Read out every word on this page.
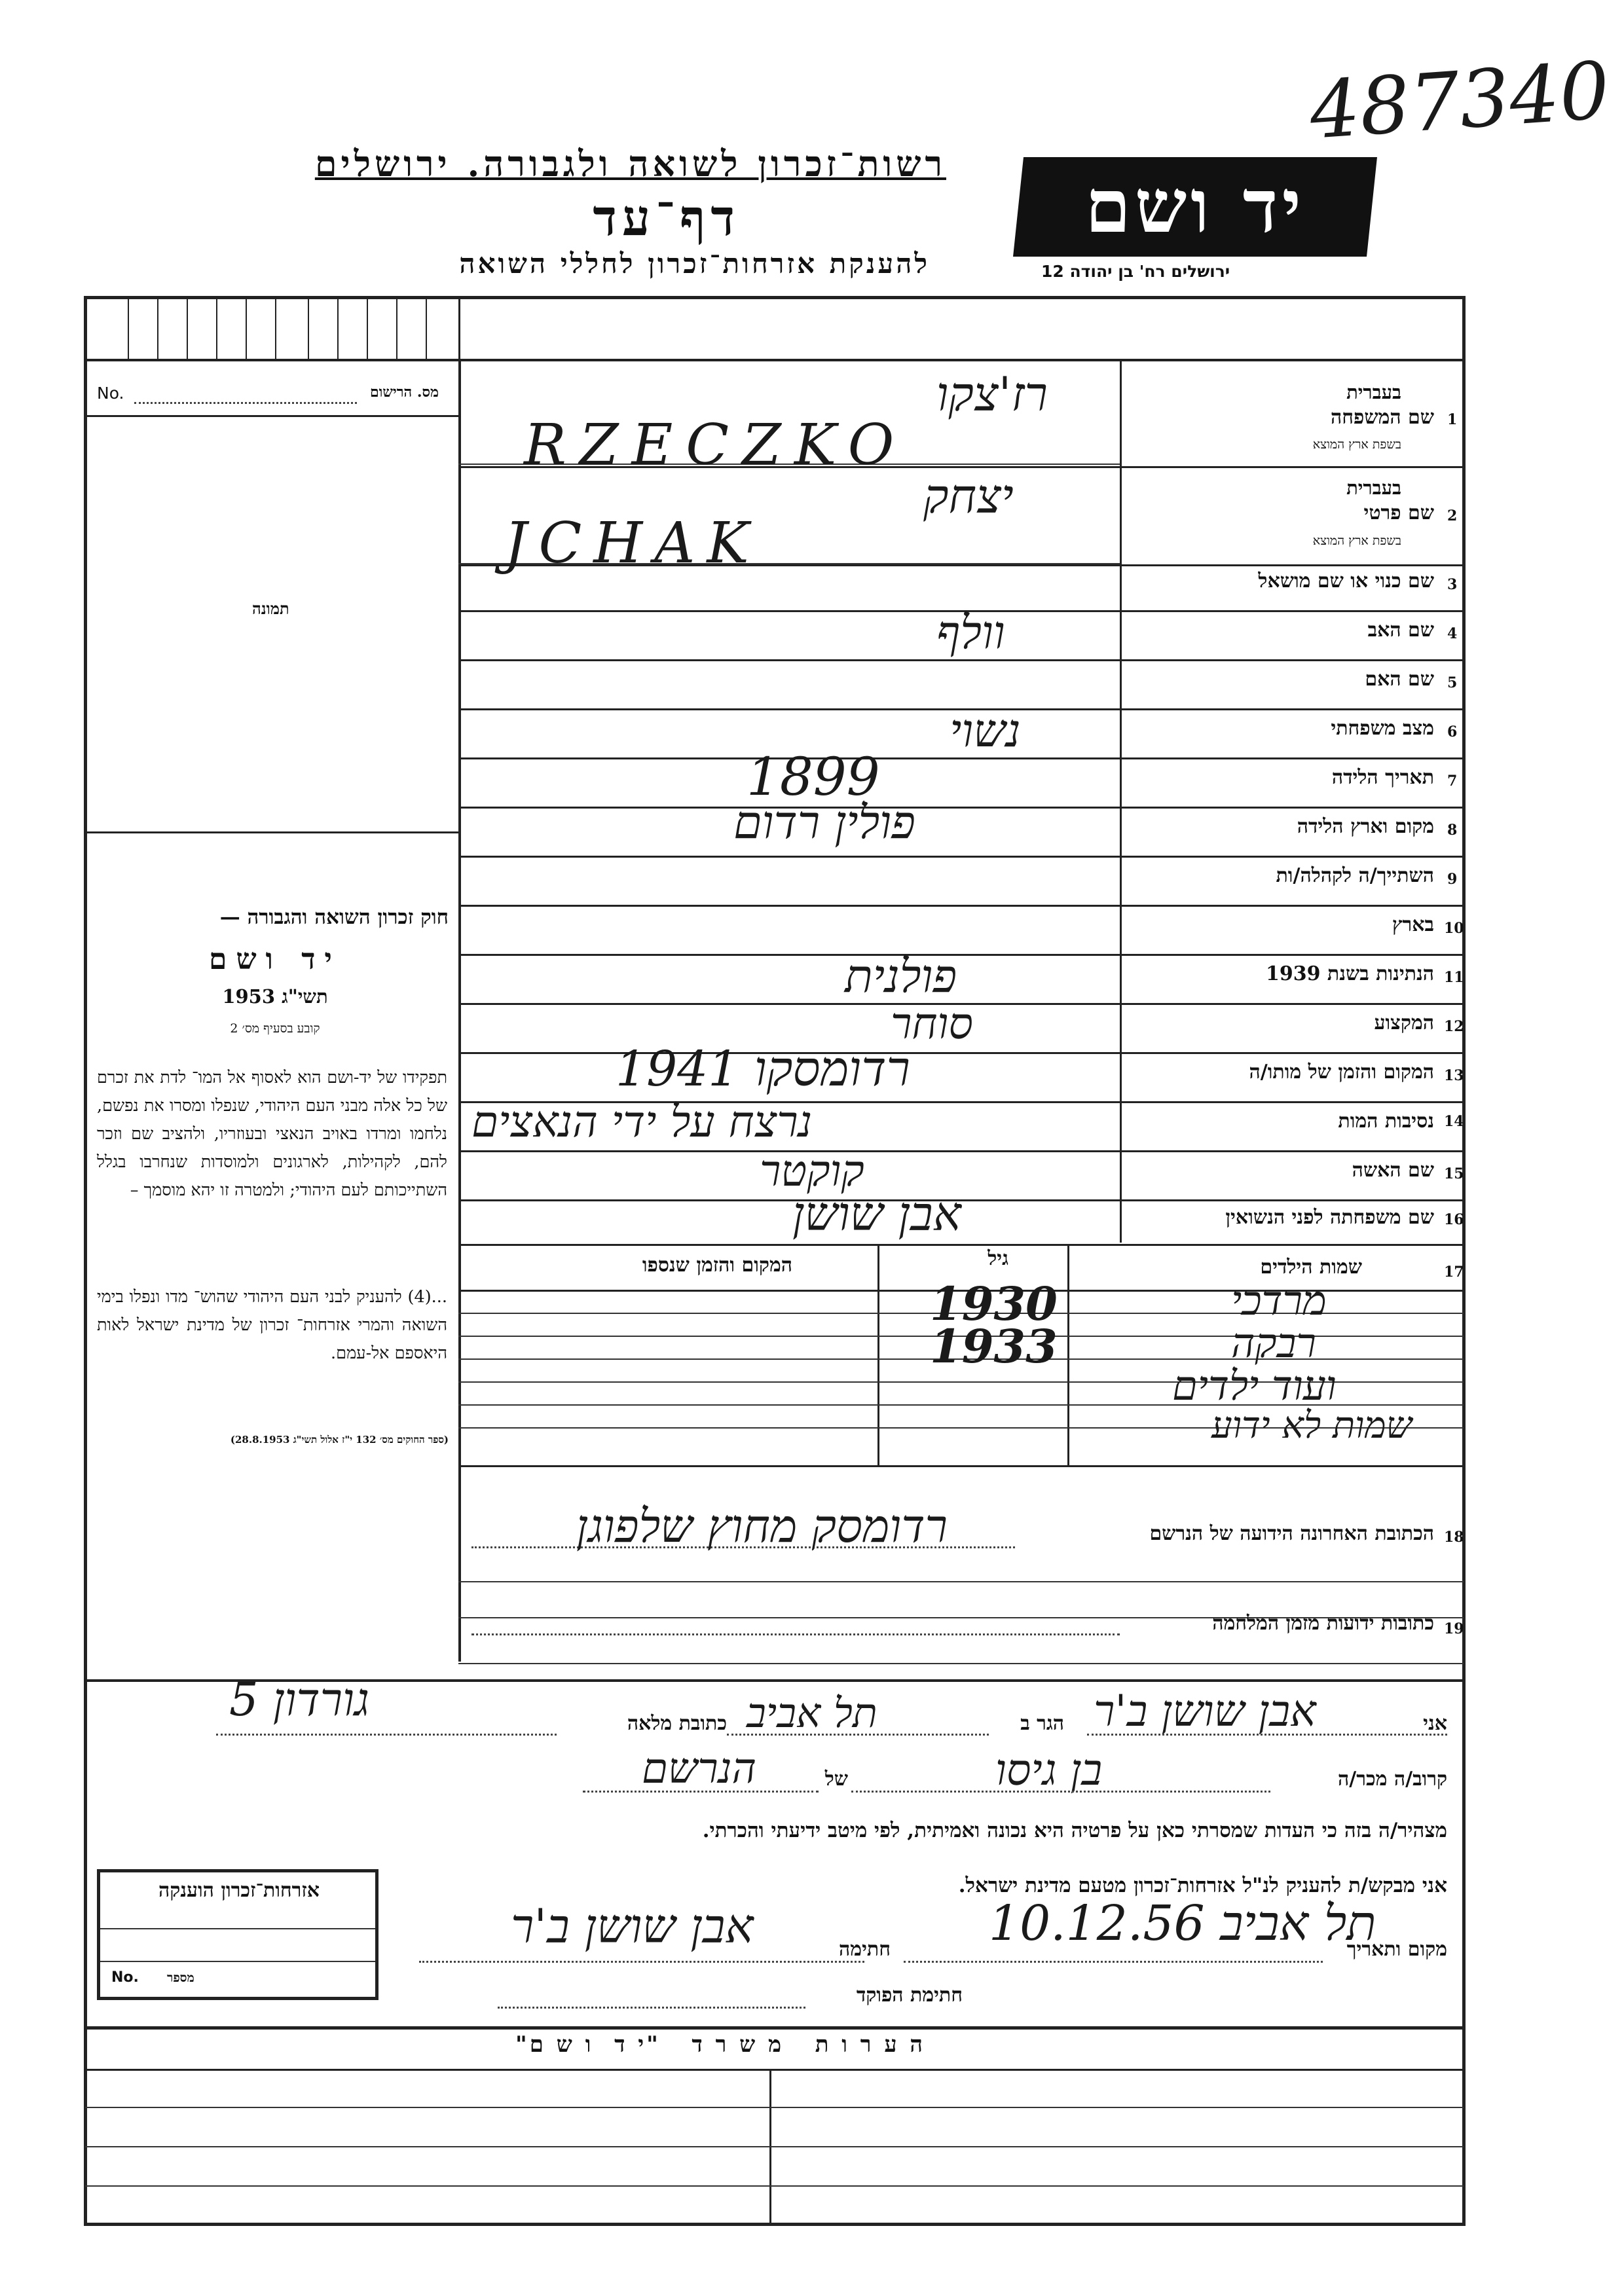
487340
רשות־זכרון לשואה ולגבורה. ירושלים
דף־עד
להענקת אזרחות־זכרון לחללי השואה
יד ושם
ירושלים רח' בן יהודה 12
No.	מס. הרישום
תמונה
חוק זכרון השואה והגבורה —
יד ושם
תשי"ג 1953
קובע בסעיף מס׳ 2
תפקידו של יד-ושם הוא לאסוף אל המו־ לדת את זכרם של כל אלה מבני העם היהודי, שנפלו ומסרו את נפשם, נלחמו ומרדו באויב הנאצי ובעוזריו, ולהציב שם וזכר להם, לקהילות, לארגונים ולמוסדות שנחרבו בגלל השתייכותם לעם היהודי; ולמטרה זו יהא מוסמך –
...(4) להעניק לבני העם היהודי שהוש־ מדו ונפלו בימי השואה והמרי אזרחות־ זכרון של מדינת ישראל לאות היאספם אל-עמם.
(ספר החוקים מס׳ 132 י"ז אלול תשי"ג 28.8.1953)
1
בעברית
שם המשפחה
בשפת ארץ המוצא
רז'צקו
RZECZKO
2
בעברית
שם פרטי
בשפת ארץ המוצא
יצחק
JCHAK
3
שם כנוי או שם מושאל
4
שם האב
וולף
5
שם האם
6
מצב משפחתי
נשוי
7
תאריך הלידה
1899
8
מקום וארץ הלידה
פולין רדום
9
השתייך/ה לקהלה/ות
10
בארץ
11
הנתינות בשנת 1939
פולנית
12
המקצוע
סוחר
13
המקום והזמן של מותו/ה
רדומסקו 1941
14
נסיבות המות
נרצח על ידי הנאצים
15
שם האשה
קוקטר
16
שם משפחתה לפני הנשואין
אבן שושן
17
שמות הילדים
גיל
המקום והזמן שנספו
מרדכי
1930
רבקה
1933
ועוד ילדים
שמות לא ידוע
18
הכתובת האחרונה הידועה של הנרשם
רדומסק מחוץ שלפוגן
19
כתובות ידועות מזמן המלחמה
אני
אבן שושן ב'ר
הגר ב
תל אביב
כתובת מלאה
גורדון 5
קרוב/ה מכר/ה
בן גיסו
של
הנרשם
מצהיר/ה בזה כי העדות שמסרתי כאן על פרטיה היא נכונה ואמיתית, לפי מיטב ידיעתי והכרתי.
אני מבקש/ת להעניק לנ"ל אזרחות־זכרון מטעם מדינת ישראל.
מקום ותאריך
תל אביב 10.12.56
חתימה
אבן שושן ב'ר
חתימת הפוקד
אזרחות־זכרון הוענקה
No. מספר
ה ע ר ו ת   מ ש ר ד   "י ד  ו ש ם"
